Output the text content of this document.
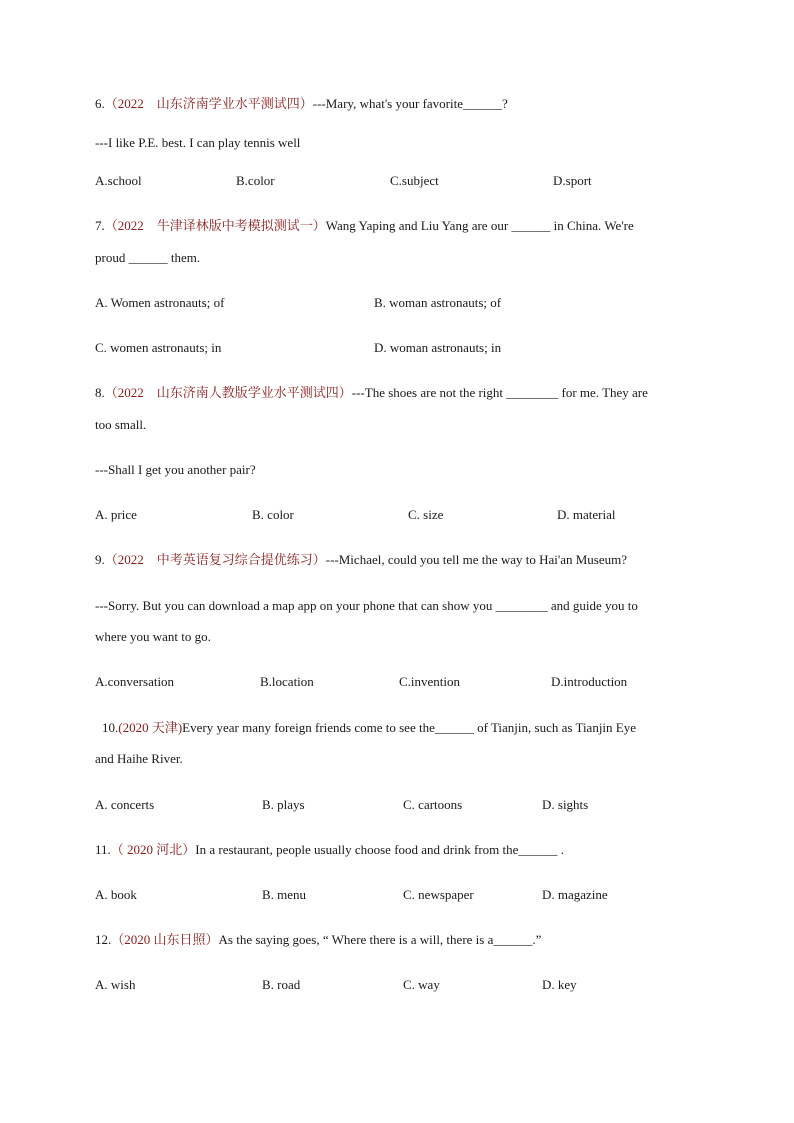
6.（2022　山东济南学业水平测试四）---Mary, what's your favorite______?
---I like P.E. best. I can play tennis well
A.school	B.color	C.subject	D.sport
7.（2022　牛津译林版中考模拟测试一）Wang Yaping and Liu Yang are our ______ in China. We're
proud ______ them.
A. Women astronauts; of	B. woman astronauts; of
C. women astronauts; in	D. woman astronauts; in
8.（2022　山东济南人教版学业水平测试四）---The shoes are not the right ________ for me. They are
too small.
---Shall I get you another pair?
A. price	B. color	C. size	D. material
9.（2022　中考英语复习综合提优练习）---Michael, could you tell me the way to Hai'an Museum?
---Sorry. But you can download a map app on your phone that can show you ________ and guide you to
where you want to go.
A.conversation	B.location	C.invention	D.introduction
10.(2020 天津)Every year many foreign friends come to see the______ of Tianjin, such as Tianjin Eye
and Haihe River.
A. concerts	B. plays	C. cartoons	D. sights
11.（ 2020 河北）In a restaurant, people usually choose food and drink from the______ .
A. book	B. menu	C. newspaper	D. magazine
12.（2020 山东日照）As the saying goes, “ Where there is a will, there is a______.”
A. wish	B. road	C. way	D. key
